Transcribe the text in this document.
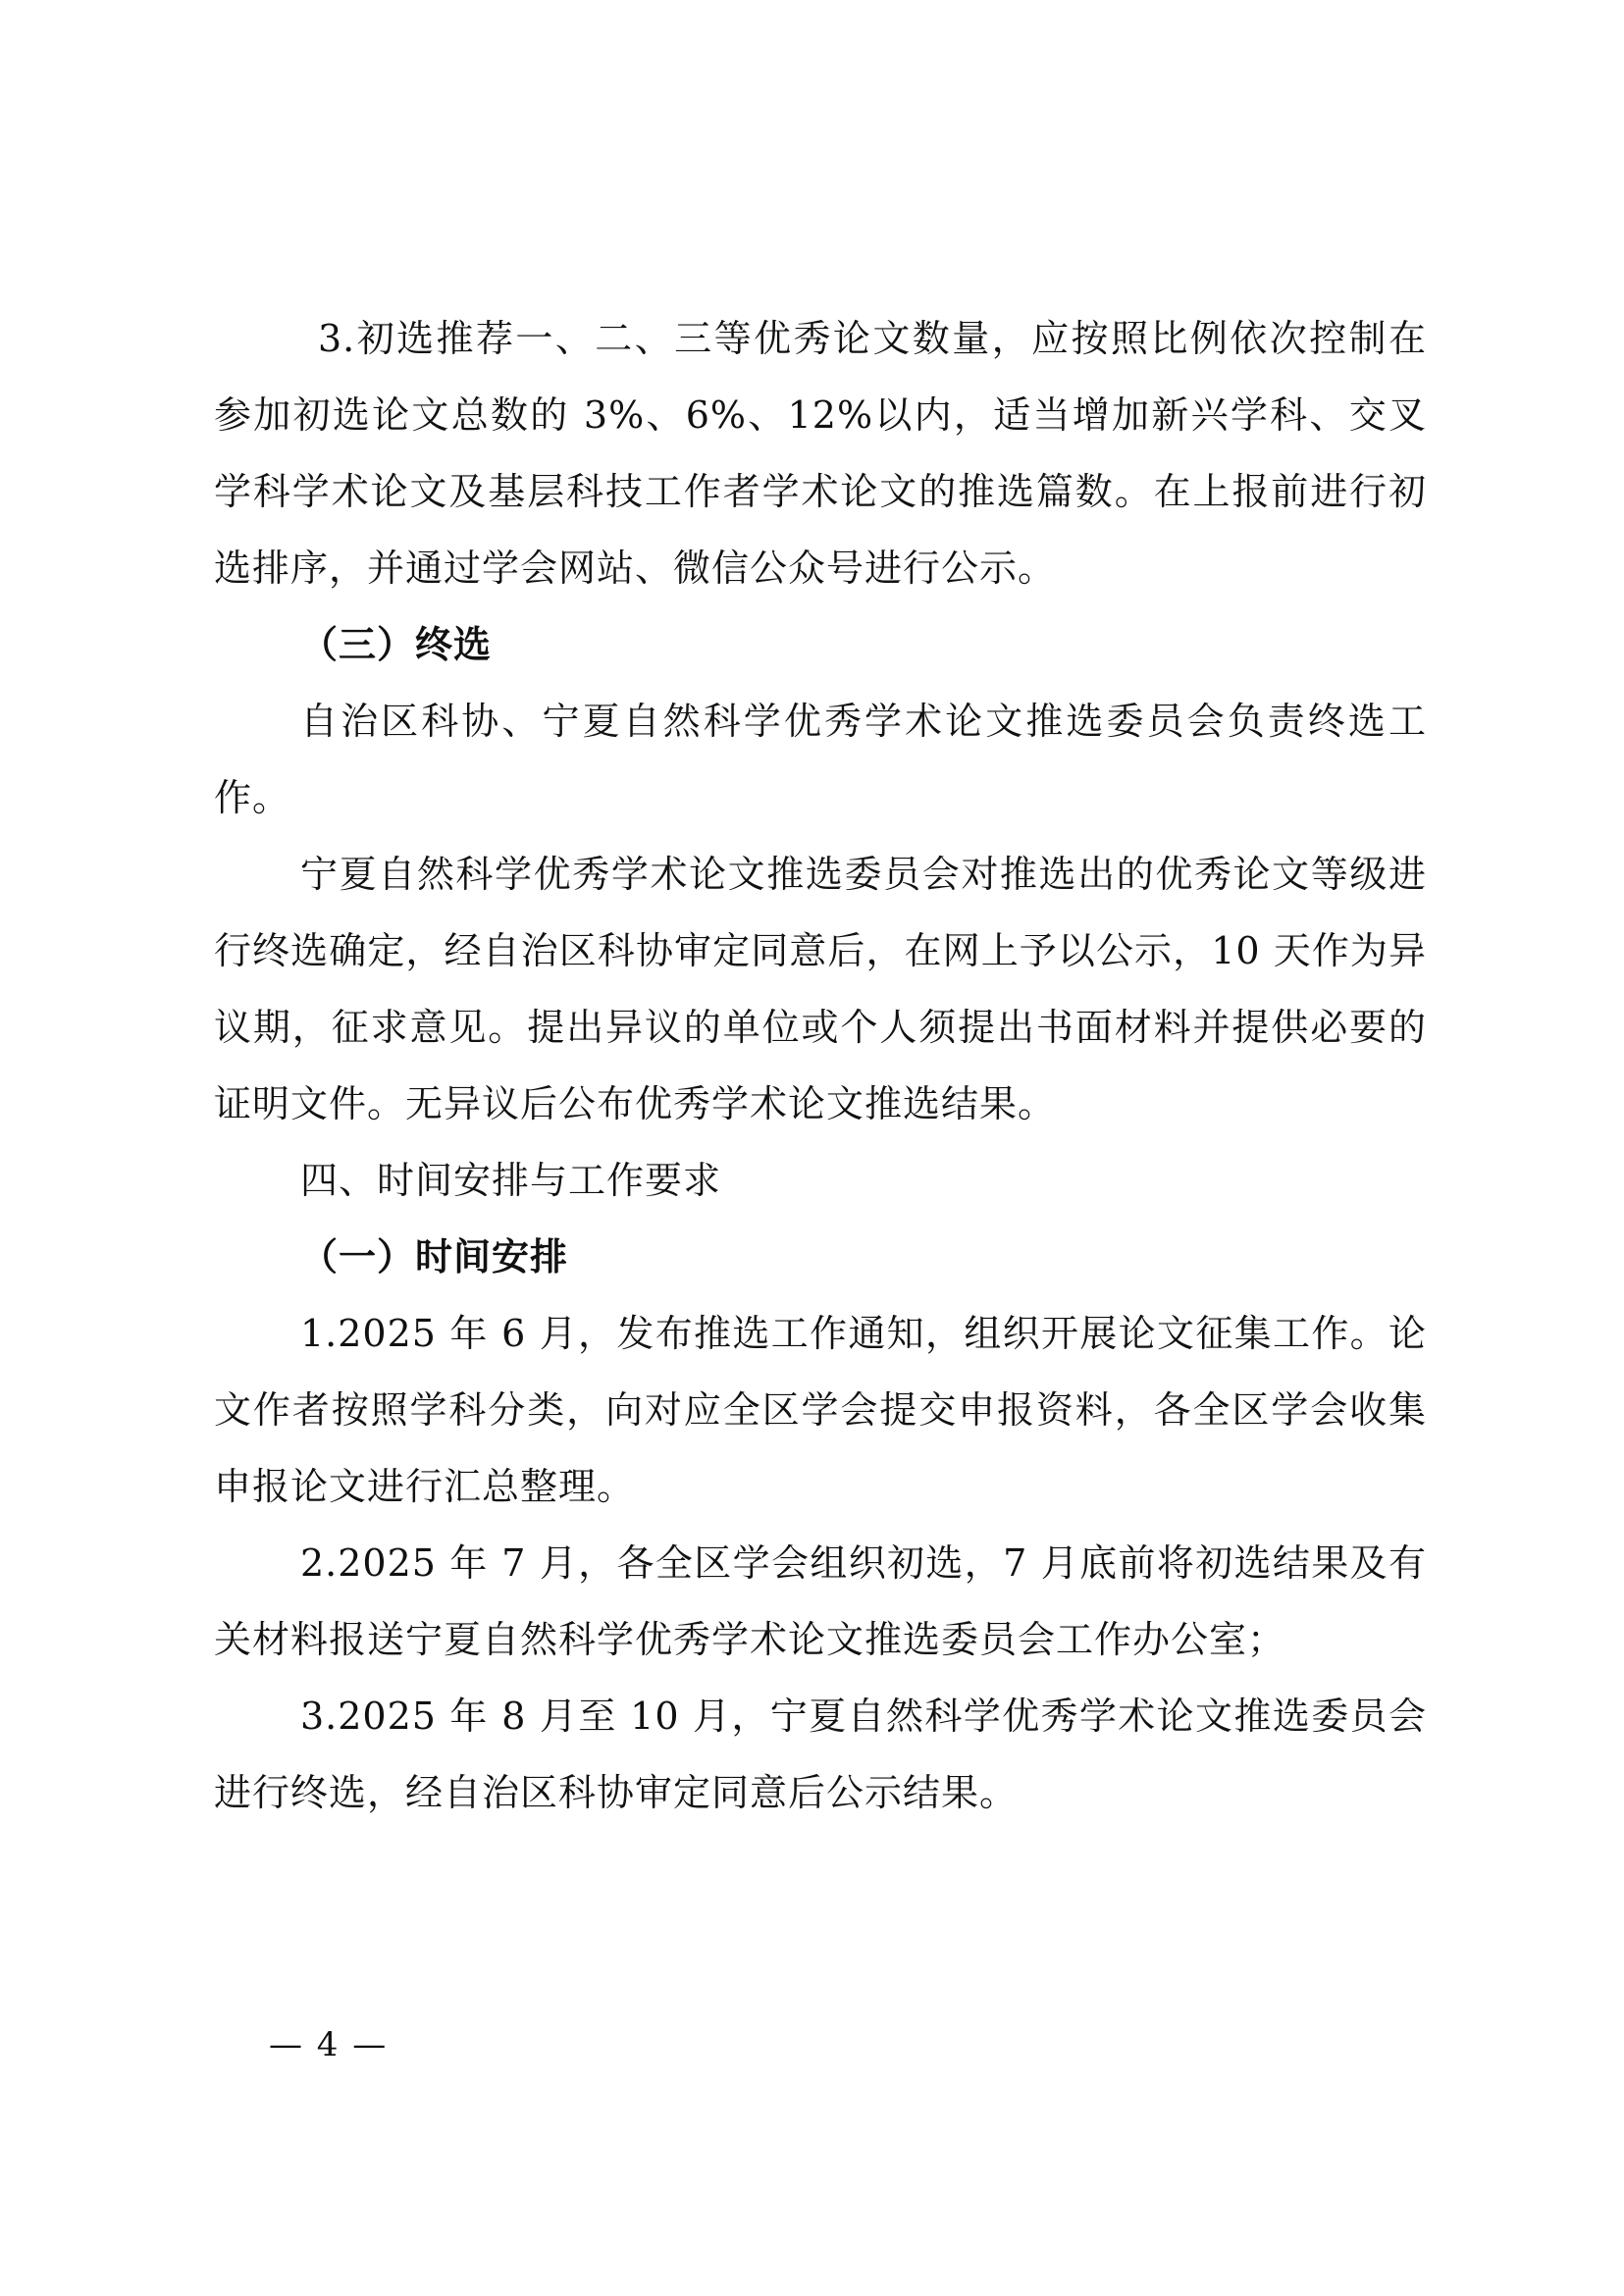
3.初选推荐一、二、三等优秀论文数量，应按照比例依次控制在参加初选论文总数的 3%、6%、12%以内，适当增加新兴学科、交叉学科学术论文及基层科技工作者学术论文的推选篇数。在上报前进行初选排序，并通过学会网站、微信公众号进行公示。

（三）终选

自治区科协、宁夏自然科学优秀学术论文推选委员会负责终选工作。

宁夏自然科学优秀学术论文推选委员会对推选出的优秀论文等级进行终选确定，经自治区科协审定同意后，在网上予以公示，10 天作为异议期，征求意见。提出异议的单位或个人须提出书面材料并提供必要的证明文件。无异议后公布优秀学术论文推选结果。

四、时间安排与工作要求

（一）时间安排

1.2025 年 6 月，发布推选工作通知，组织开展论文征集工作。论文作者按照学科分类，向对应全区学会提交申报资料，各全区学会收集申报论文进行汇总整理。

2.2025 年 7 月，各全区学会组织初选，7 月底前将初选结果及有关材料报送宁夏自然科学优秀学术论文推选委员会工作办公室；

3.2025 年 8 月至 10 月，宁夏自然科学优秀学术论文推选委员会进行终选，经自治区科协审定同意后公示结果。

— 4 —
